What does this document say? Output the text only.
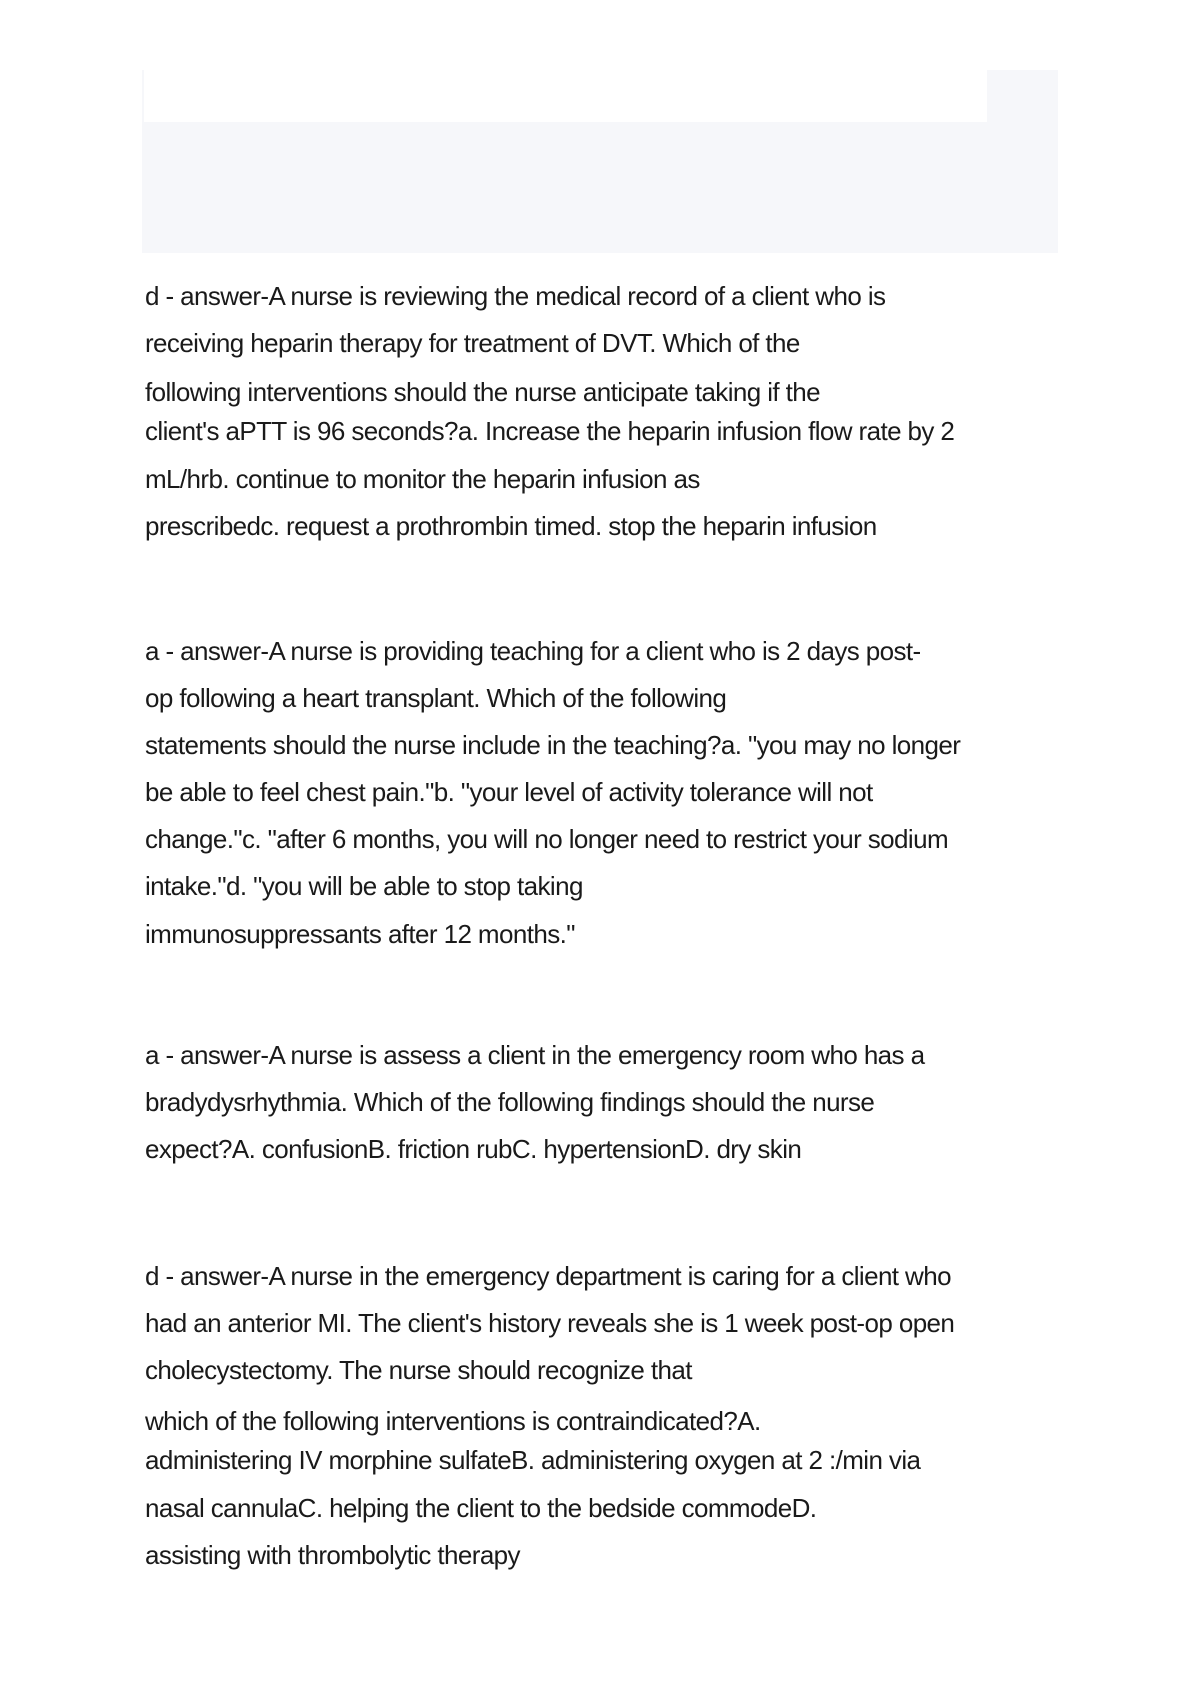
d - answer-A nurse is reviewing the medical record of a client who is
receiving heparin therapy for treatment of DVT. Which of the
following interventions should the nurse anticipate taking if the
client's aPTT is 96 seconds?a. Increase the heparin infusion flow rate by 2
mL/hrb. continue to monitor the heparin infusion as
prescribedc. request a prothrombin timed. stop the heparin infusion
a - answer-A nurse is providing teaching for a client who is 2 days post-
op following a heart transplant. Which of the following
statements should the nurse include in the teaching?a. "you may no longer
be able to feel chest pain."b. "your level of activity tolerance will not
change."c. "after 6 months, you will no longer need to restrict your sodium
intake."d. "you will be able to stop taking
immunosuppressants after 12 months."
a - answer-A nurse is assess a client in the emergency room who has a
bradydysrhythmia. Which of the following findings should the nurse
expect?A. confusionB. friction rubC. hypertensionD. dry skin
d - answer-A nurse in the emergency department is caring for a client who
had an anterior MI. The client's history reveals she is 1 week post-op open
cholecystectomy. The nurse should recognize that
which of the following interventions is contraindicated?A.
administering IV morphine sulfateB. administering oxygen at 2 :/min via
nasal cannulaC. helping the client to the bedside commodeD.
assisting with thrombolytic therapy
